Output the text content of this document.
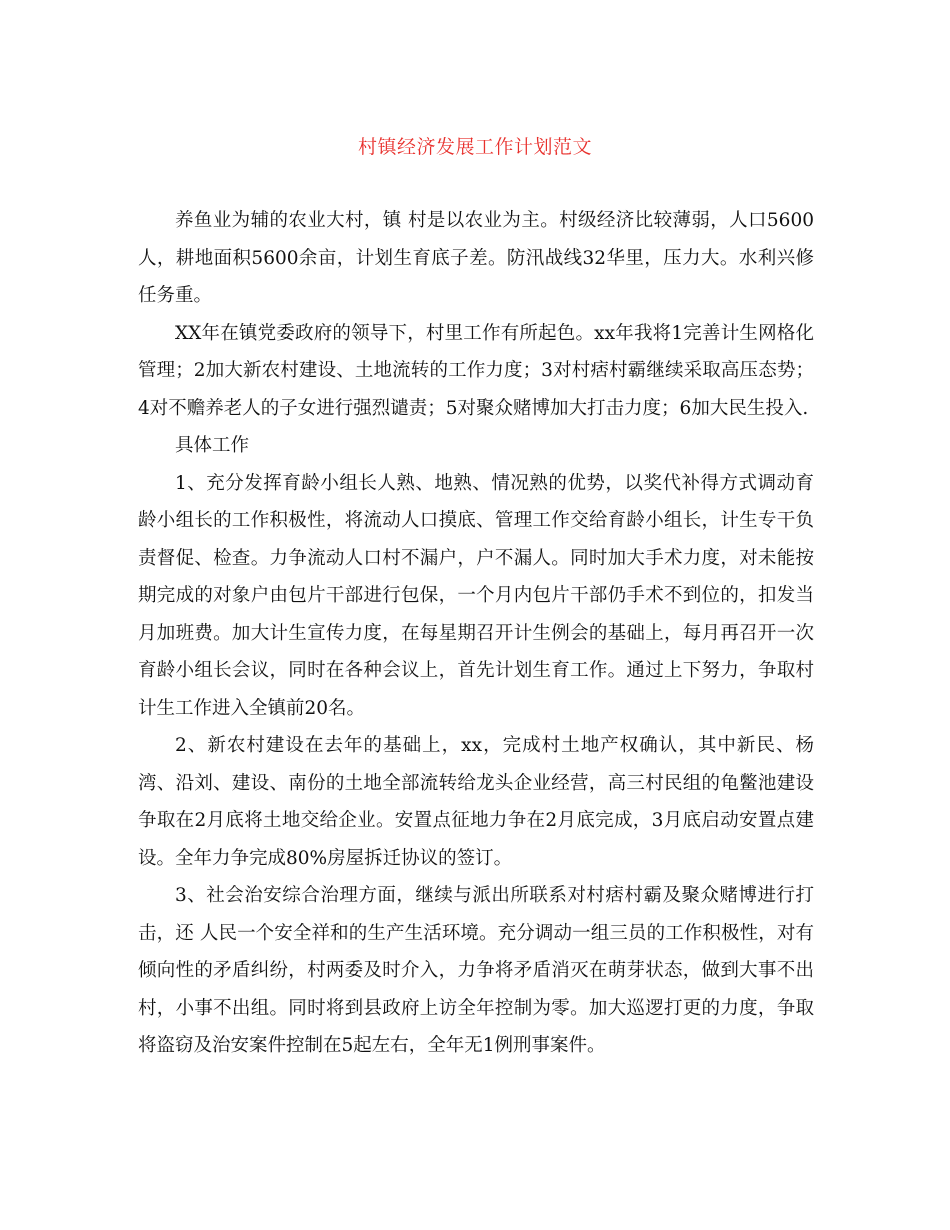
村镇经济发展工作计划范文

养鱼业为辅的农业大村，镇 村是以农业为主。村级经济比较薄弱，人口5600人，耕地面积5600余亩，计划生育底子差。防汛战线32华里，压力大。水利兴修任务重。

XX年在镇党委政府的领导下，村里工作有所起色。xx年我将1完善计生网格化管理；2加大新农村建设、土地流转的工作力度；3对村痞村霸继续采取高压态势；4对不赡养老人的子女进行强烈谴责；5对聚众赌博加大打击力度；6加大民生投入.

具体工作

1、充分发挥育龄小组长人熟、地熟、情况熟的优势，以奖代补得方式调动育龄小组长的工作积极性，将流动人口摸底、管理工作交给育龄小组长，计生专干负责督促、检查。力争流动人口村不漏户，户不漏人。同时加大手术力度，对未能按期完成的对象户由包片干部进行包保，一个月内包片干部仍手术不到位的，扣发当月加班费。加大计生宣传力度，在每星期召开计生例会的基础上，每月再召开一次育龄小组长会议，同时在各种会议上，首先计划生育工作。通过上下努力，争取村计生工作进入全镇前20名。

2、新农村建设在去年的基础上，xx，完成村土地产权确认，其中新民、杨湾、沿刘、建设、南份的土地全部流转给龙头企业经营，高三村民组的龟鳖池建设争取在2月底将土地交给企业。安置点征地力争在2月底完成，3月底启动安置点建设。全年力争完成80%房屋拆迁协议的签订。

3、社会治安综合治理方面，继续与派出所联系对村痞村霸及聚众赌博进行打击，还 人民一个安全祥和的生产生活环境。充分调动一组三员的工作积极性，对有倾向性的矛盾纠纷，村两委及时介入，力争将矛盾消灭在萌芽状态，做到大事不出村，小事不出组。同时将到县政府上访全年控制为零。加大巡逻打更的力度，争取将盗窃及治安案件控制在5起左右，全年无1例刑事案件。
